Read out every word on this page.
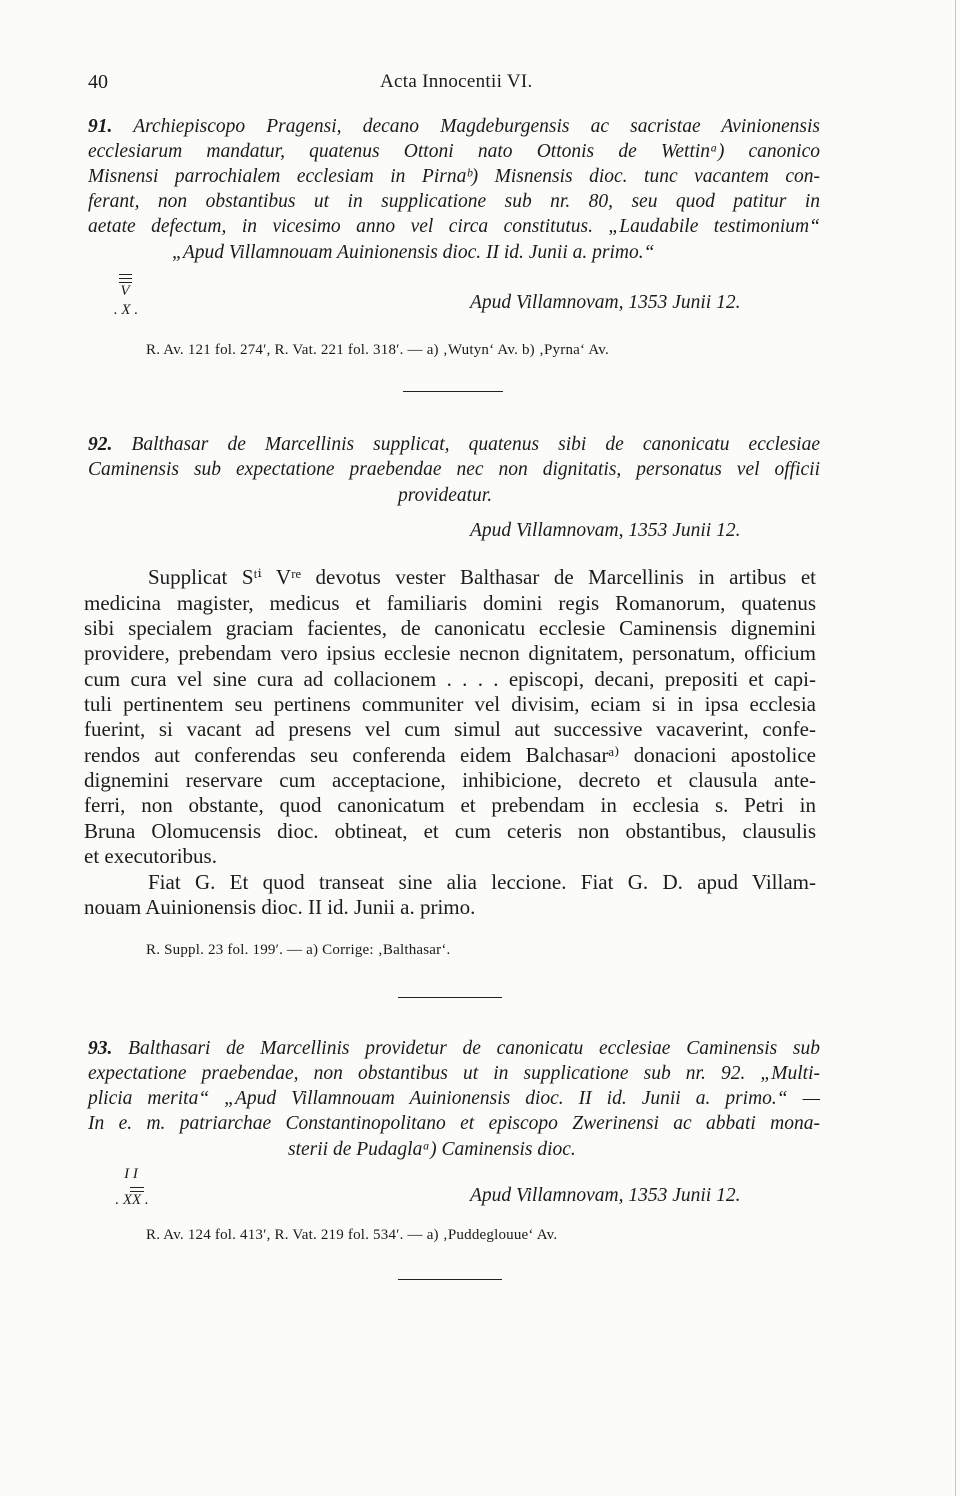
40	Acta Innocentii VI.
91. Archiepiscopo Pragensi, decano Magdeburgensis ac sacristae Avinionensis
ecclesiarum mandatur, quatenus Ottoni nato Ottonis de Wettinᵃ) canonico
Misnensi parrochialem ecclesiam in Pirnaᵇ) Misnensis dioc. tunc vacantem con-
ferant, non obstantibus ut in supplicatione sub nr. 80, seu quod patitur in
aetate defectum, in vicesimo anno vel circa constitutus. „Laudabile testimonium“
„Apud Villamnouam Auinionensis dioc. II id. Junii a. primo.“
$\overline{V}$
. X .	Apud Villamnovam, 1353 Junii 12.
R. Av. 121 fol. 274′, R. Vat. 221 fol. 318′. — a) ‚Wutyn‘ Av. b) ‚Pyrna‘ Av.
92. Balthasar de Marcellinis supplicat, quatenus sibi de canonicatu ecclesiae
Caminensis sub expectatione praebendae nec non dignitatis, personatus vel officii
provideatur.
Apud Villamnovam, 1353 Junii 12.
Supplicat Sᵗⁱ Vʳᵉ devotus vester Balthasar de Marcellinis in artibus et
medicina magister, medicus et familiaris domini regis Romanorum, quatenus
sibi specialem graciam facientes, de canonicatu ecclesie Caminensis dignemini
providere, prebendam vero ipsius ecclesie necnon dignitatem, personatum, officium
cum cura vel sine cura ad collacionem . . . . episcopi, decani, prepositi et capi-
tuli pertinentem seu pertinens communiter vel divisim, eciam si in ipsa ecclesia
fuerint, si vacant ad presens vel cum simul aut successive vacaverint, confe-
rendos aut conferendas seu conferenda eidem Balchasarᵃ⁾ donacioni apostolice
dignemini reservare cum acceptacione, inhibicione, decreto et clausula ante-
ferri, non obstante, quod canonicatum et prebendam in ecclesia s. Petri in
Bruna Olomucensis dioc. obtineat, et cum ceteris non obstantibus, clausulis
et executoribus.
Fiat G. Et quod transeat sine alia leccione. Fiat G. D. apud Villam-
nouam Auinionensis dioc. II id. Junii a. primo.
R. Suppl. 23 fol. 199′. — a) Corrige: ‚Balthasar‘.
93. Balthasari de Marcellinis providetur de canonicatu ecclesiae Caminensis sub
expectatione praebendae, non obstantibus ut in supplicatione sub nr. 92. „Multi-
plicia merita“ „Apud Villamnouam Auinionensis dioc. II id. Junii a. primo.“ —
In e. m. patriarchae Constantinopolitano et episcopo Zwerinensi ac abbati mona-
sterii de Pudaglaᵃ) Caminensis dioc.
I I
. XX .	Apud Villamnovam, 1353 Junii 12.
R. Av. 124 fol. 413′, R. Vat. 219 fol. 534′. — a) ‚Puddeglouue‘ Av.
